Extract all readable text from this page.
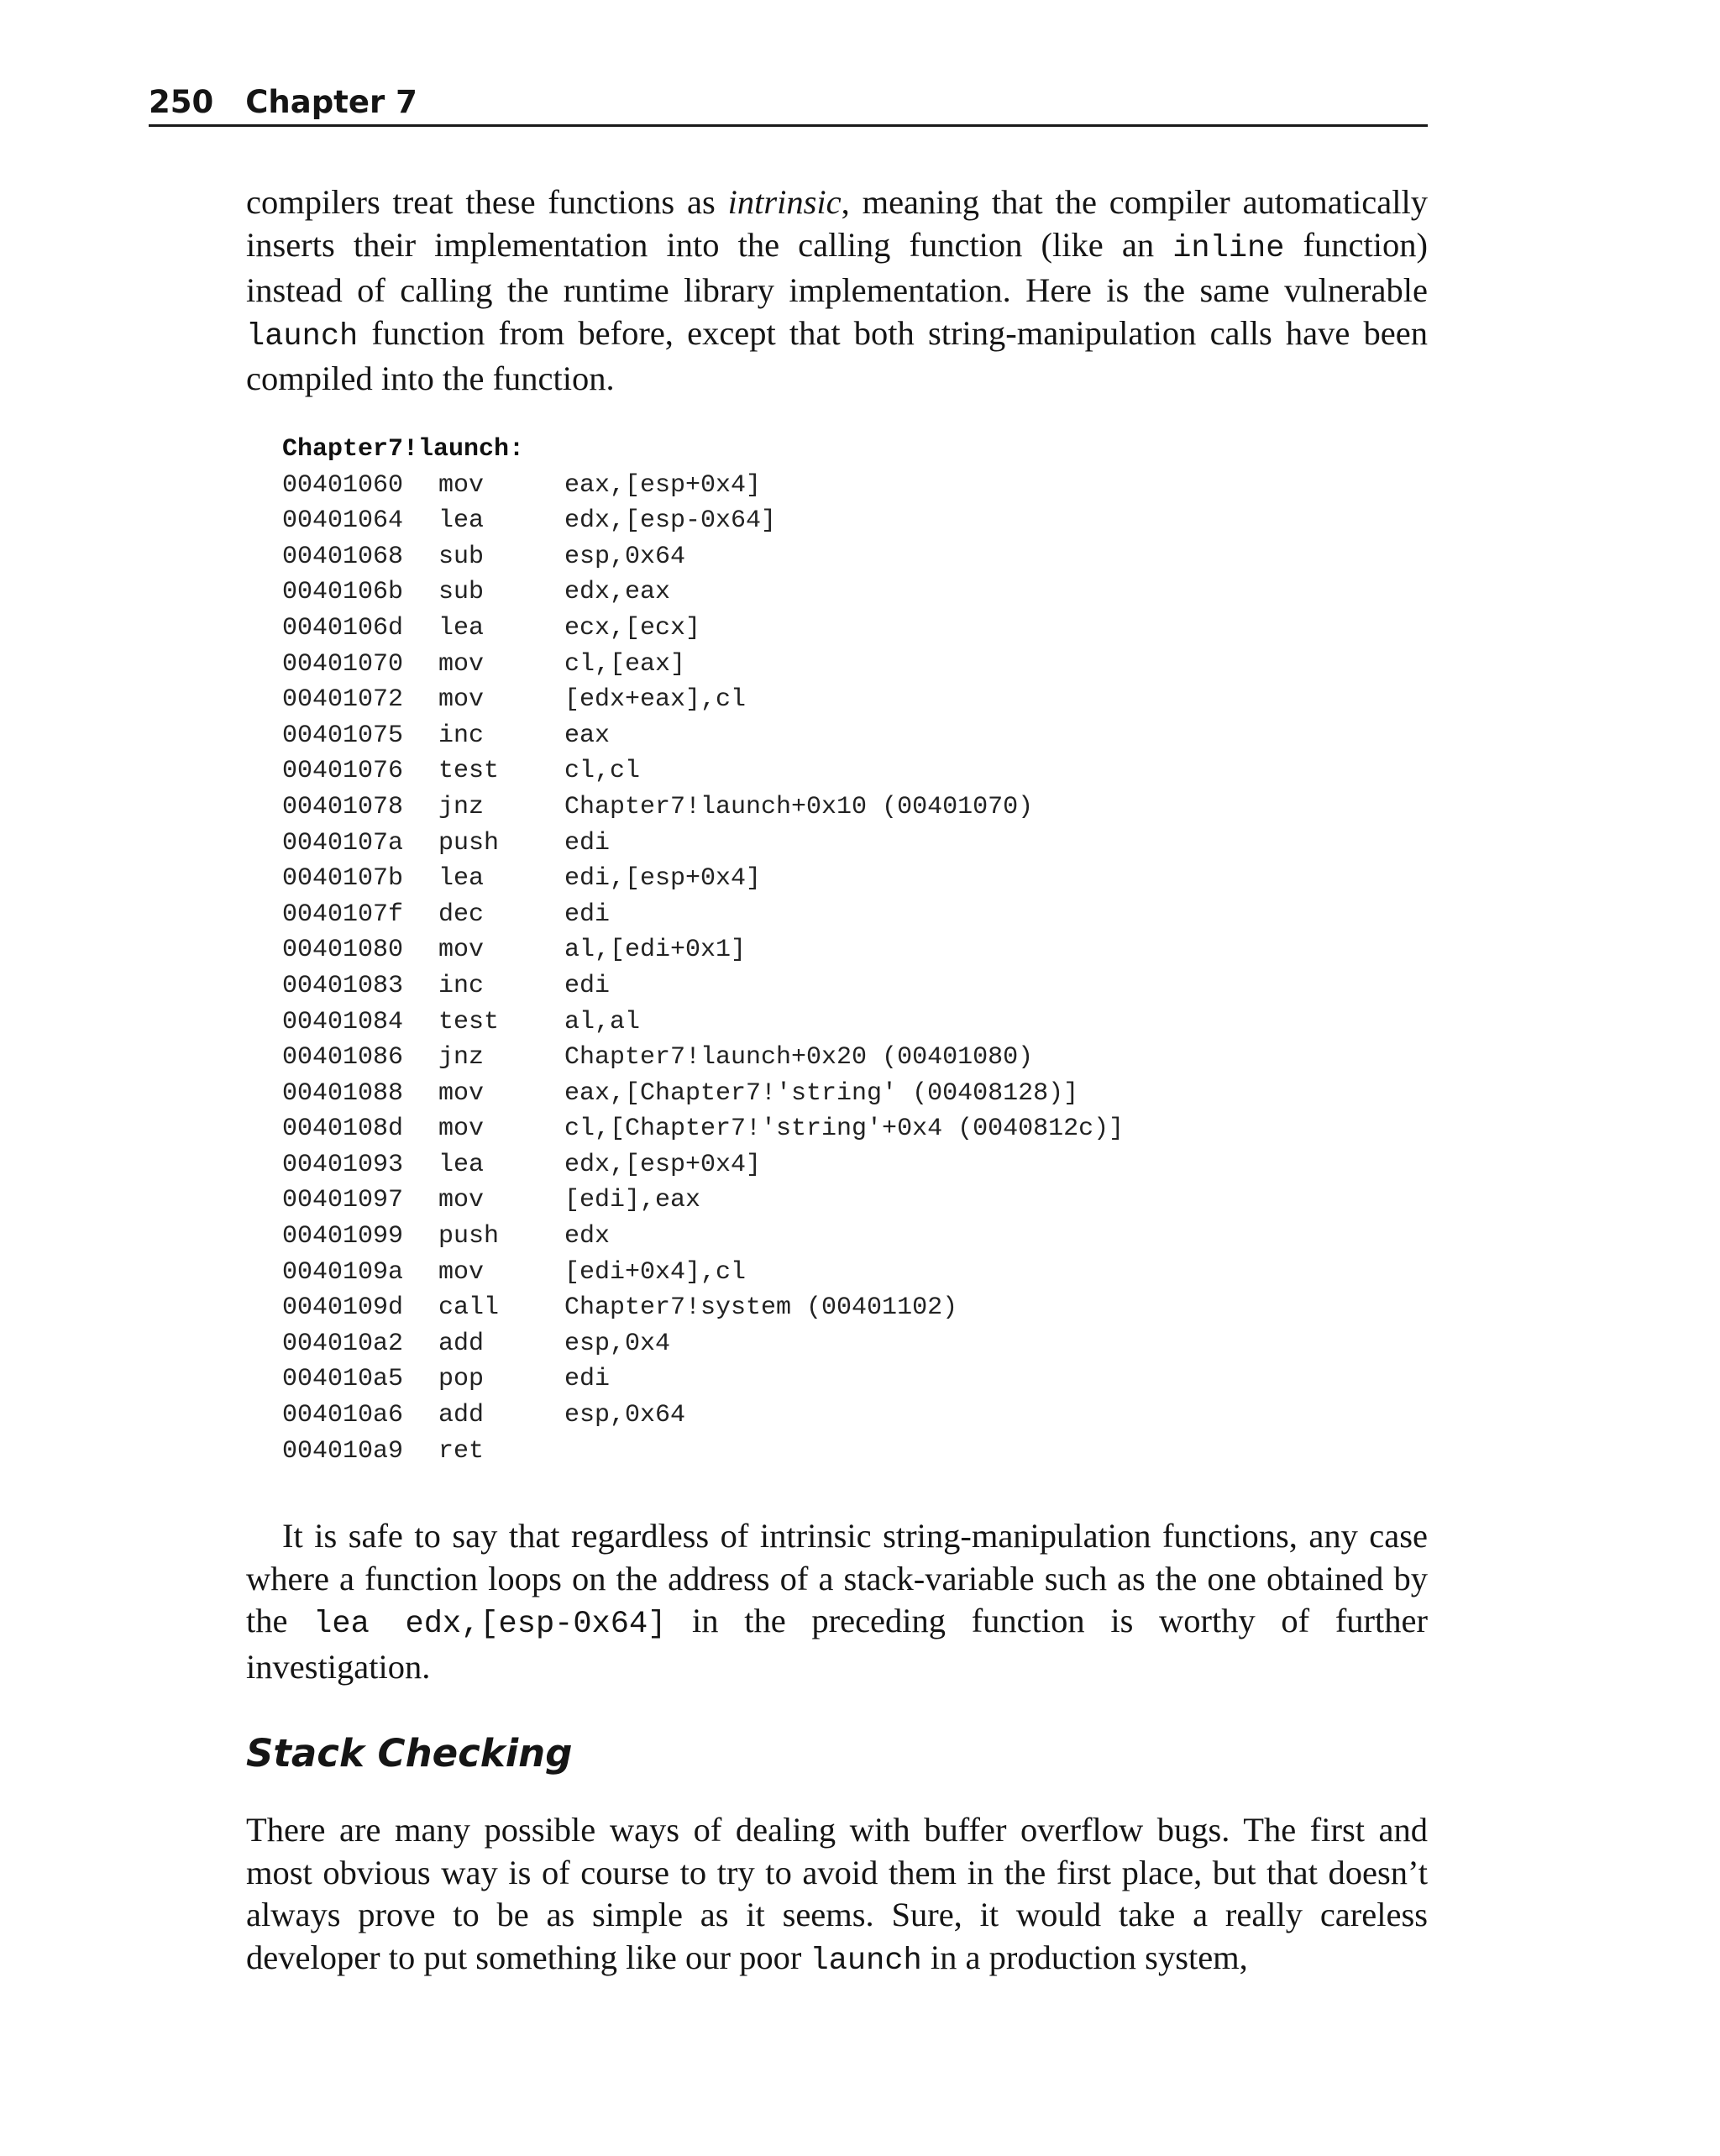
250 Chapter 7

compilers treat these functions as intrinsic, meaning that the compiler automatically inserts their implementation into the calling function (like an inline function) instead of calling the runtime library implementation. Here is the same vulnerable launch function from before, except that both string-manipulation calls have been compiled into the function.

Chapter7!launch:
00401060 mov	eax,[esp+0x4]
00401064 lea	edx,[esp-0x64]
00401068 sub	esp,0x64
0040106b sub	edx,eax
0040106d lea	ecx,[ecx]
00401070 mov	cl,[eax]
00401072 mov	[edx+eax],cl
00401075 inc	eax
00401076 test	cl,cl
00401078 jnz	Chapter7!launch+0x10 (00401070)
0040107a push	edi
0040107b lea	edi,[esp+0x4]
0040107f dec	edi
00401080 mov	al,[edi+0x1]
00401083 inc	edi
00401084 test	al,al
00401086 jnz	Chapter7!launch+0x20 (00401080)
00401088 mov	eax,[Chapter7!'string' (00408128)]
0040108d mov	cl,[Chapter7!'string'+0x4 (0040812c)]
00401093 lea	edx,[esp+0x4]
00401097 mov	[edi],eax
00401099 push	edx
0040109a mov	[edi+0x4],cl
0040109d call	Chapter7!system (00401102)
004010a2 add	esp,0x4
004010a5 pop	edi
004010a6 add	esp,0x64
004010a9 ret

It is safe to say that regardless of intrinsic string-manipulation functions, any case where a function loops on the address of a stack-variable such as the one obtained by the lea edx,[esp-0x64] in the preceding function is worthy of further investigation.

Stack Checking

There are many possible ways of dealing with buffer overflow bugs. The first and most obvious way is of course to try to avoid them in the first place, but that doesn’t always prove to be as simple as it seems. Sure, it would take a really careless developer to put something like our poor launch in a production system,
